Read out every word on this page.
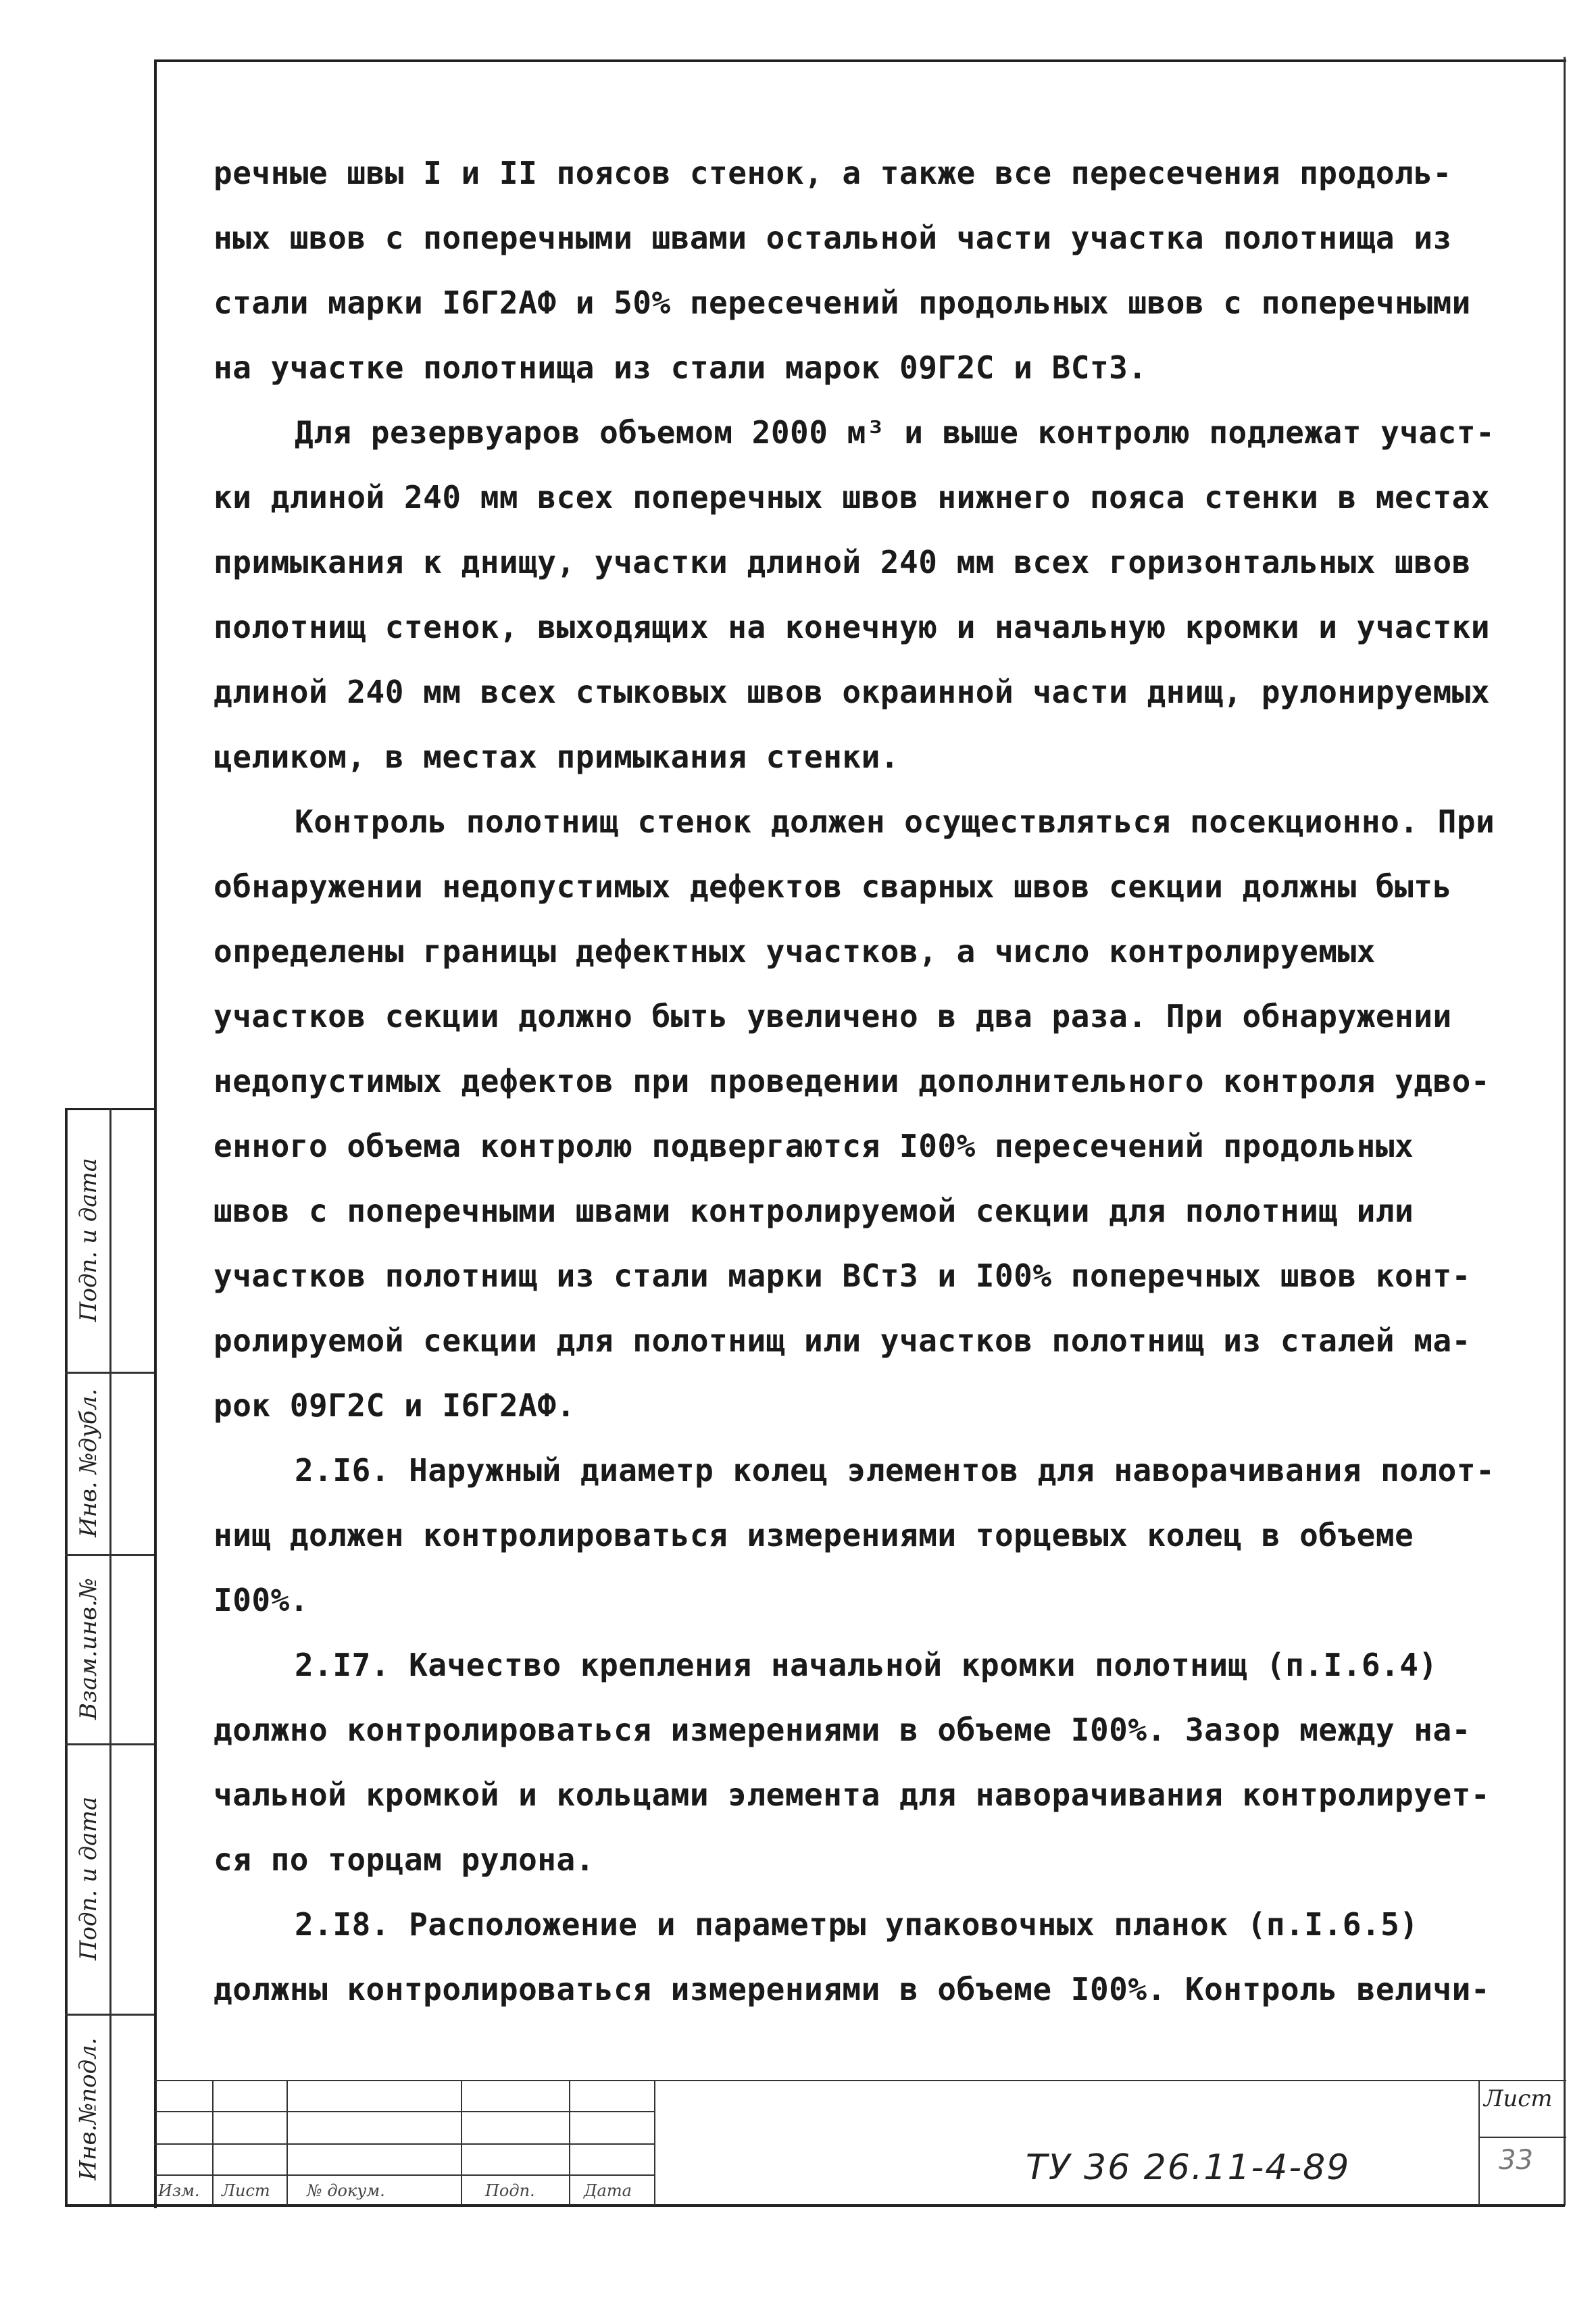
речные швы I и II поясов стенок, а также все пересечения продоль-
ных швов с поперечными швами остальной части участка полотнища из
стали марки I6Г2АФ и 50% пересечений продольных швов с поперечными
на участке полотнища из стали марок 09Г2С и ВСт3.

Для резервуаров объемом 2000 м³ и выше контролю подлежат участ-
ки длиной 240 мм всех поперечных швов нижнего пояса стенки в местах
примыкания к днищу, участки длиной 240 мм всех горизонтальных швов
полотнищ стенок, выходящих на конечную и начальную кромки и участки
длиной 240 мм всех стыковых швов окраинной части днищ, рулонируемых
целиком, в местах примыкания стенки.

Контроль полотнищ стенок должен осуществляться посекционно. При
обнаружении недопустимых дефектов сварных швов секции должны быть
определены границы дефектных участков, а число контролируемых
участков секции должно быть увеличено в два раза. При обнаружении
недопустимых дефектов при проведении дополнительного контроля удво-
енного объема контролю подвергаются I00% пересечений продольных
швов с поперечными швами контролируемой секции для полотнищ или
участков полотнищ из стали марки ВСт3 и I00% поперечных швов конт-
ролируемой секции для полотнищ или участков полотнищ из сталей ма-
рок 09Г2С и I6Г2АФ.

2.I6. Наружный диаметр колец элементов для наворачивания полот-
нищ должен контролироваться измерениями торцевых колец в объеме
I00%.

2.I7. Качество крепления начальной кромки полотнищ (п.I.6.4)
должно контролироваться измерениями в объеме I00%. Зазор между на-
чальной кромкой и кольцами элемента для наворачивания контролирует-
ся по торцам рулона.

2.I8. Расположение и параметры упаковочных планок (п.I.6.5)
должны контролироваться измерениями в объеме I00%. Контроль величи-

Подп. и дата
Инв. №дубл.
Взам.инв.№
Подп. и дата
Инв.№подл.
Изм. Лист № докум.	Подп.	Дата
ТУ 36 26.11-4-89
Лист
33
